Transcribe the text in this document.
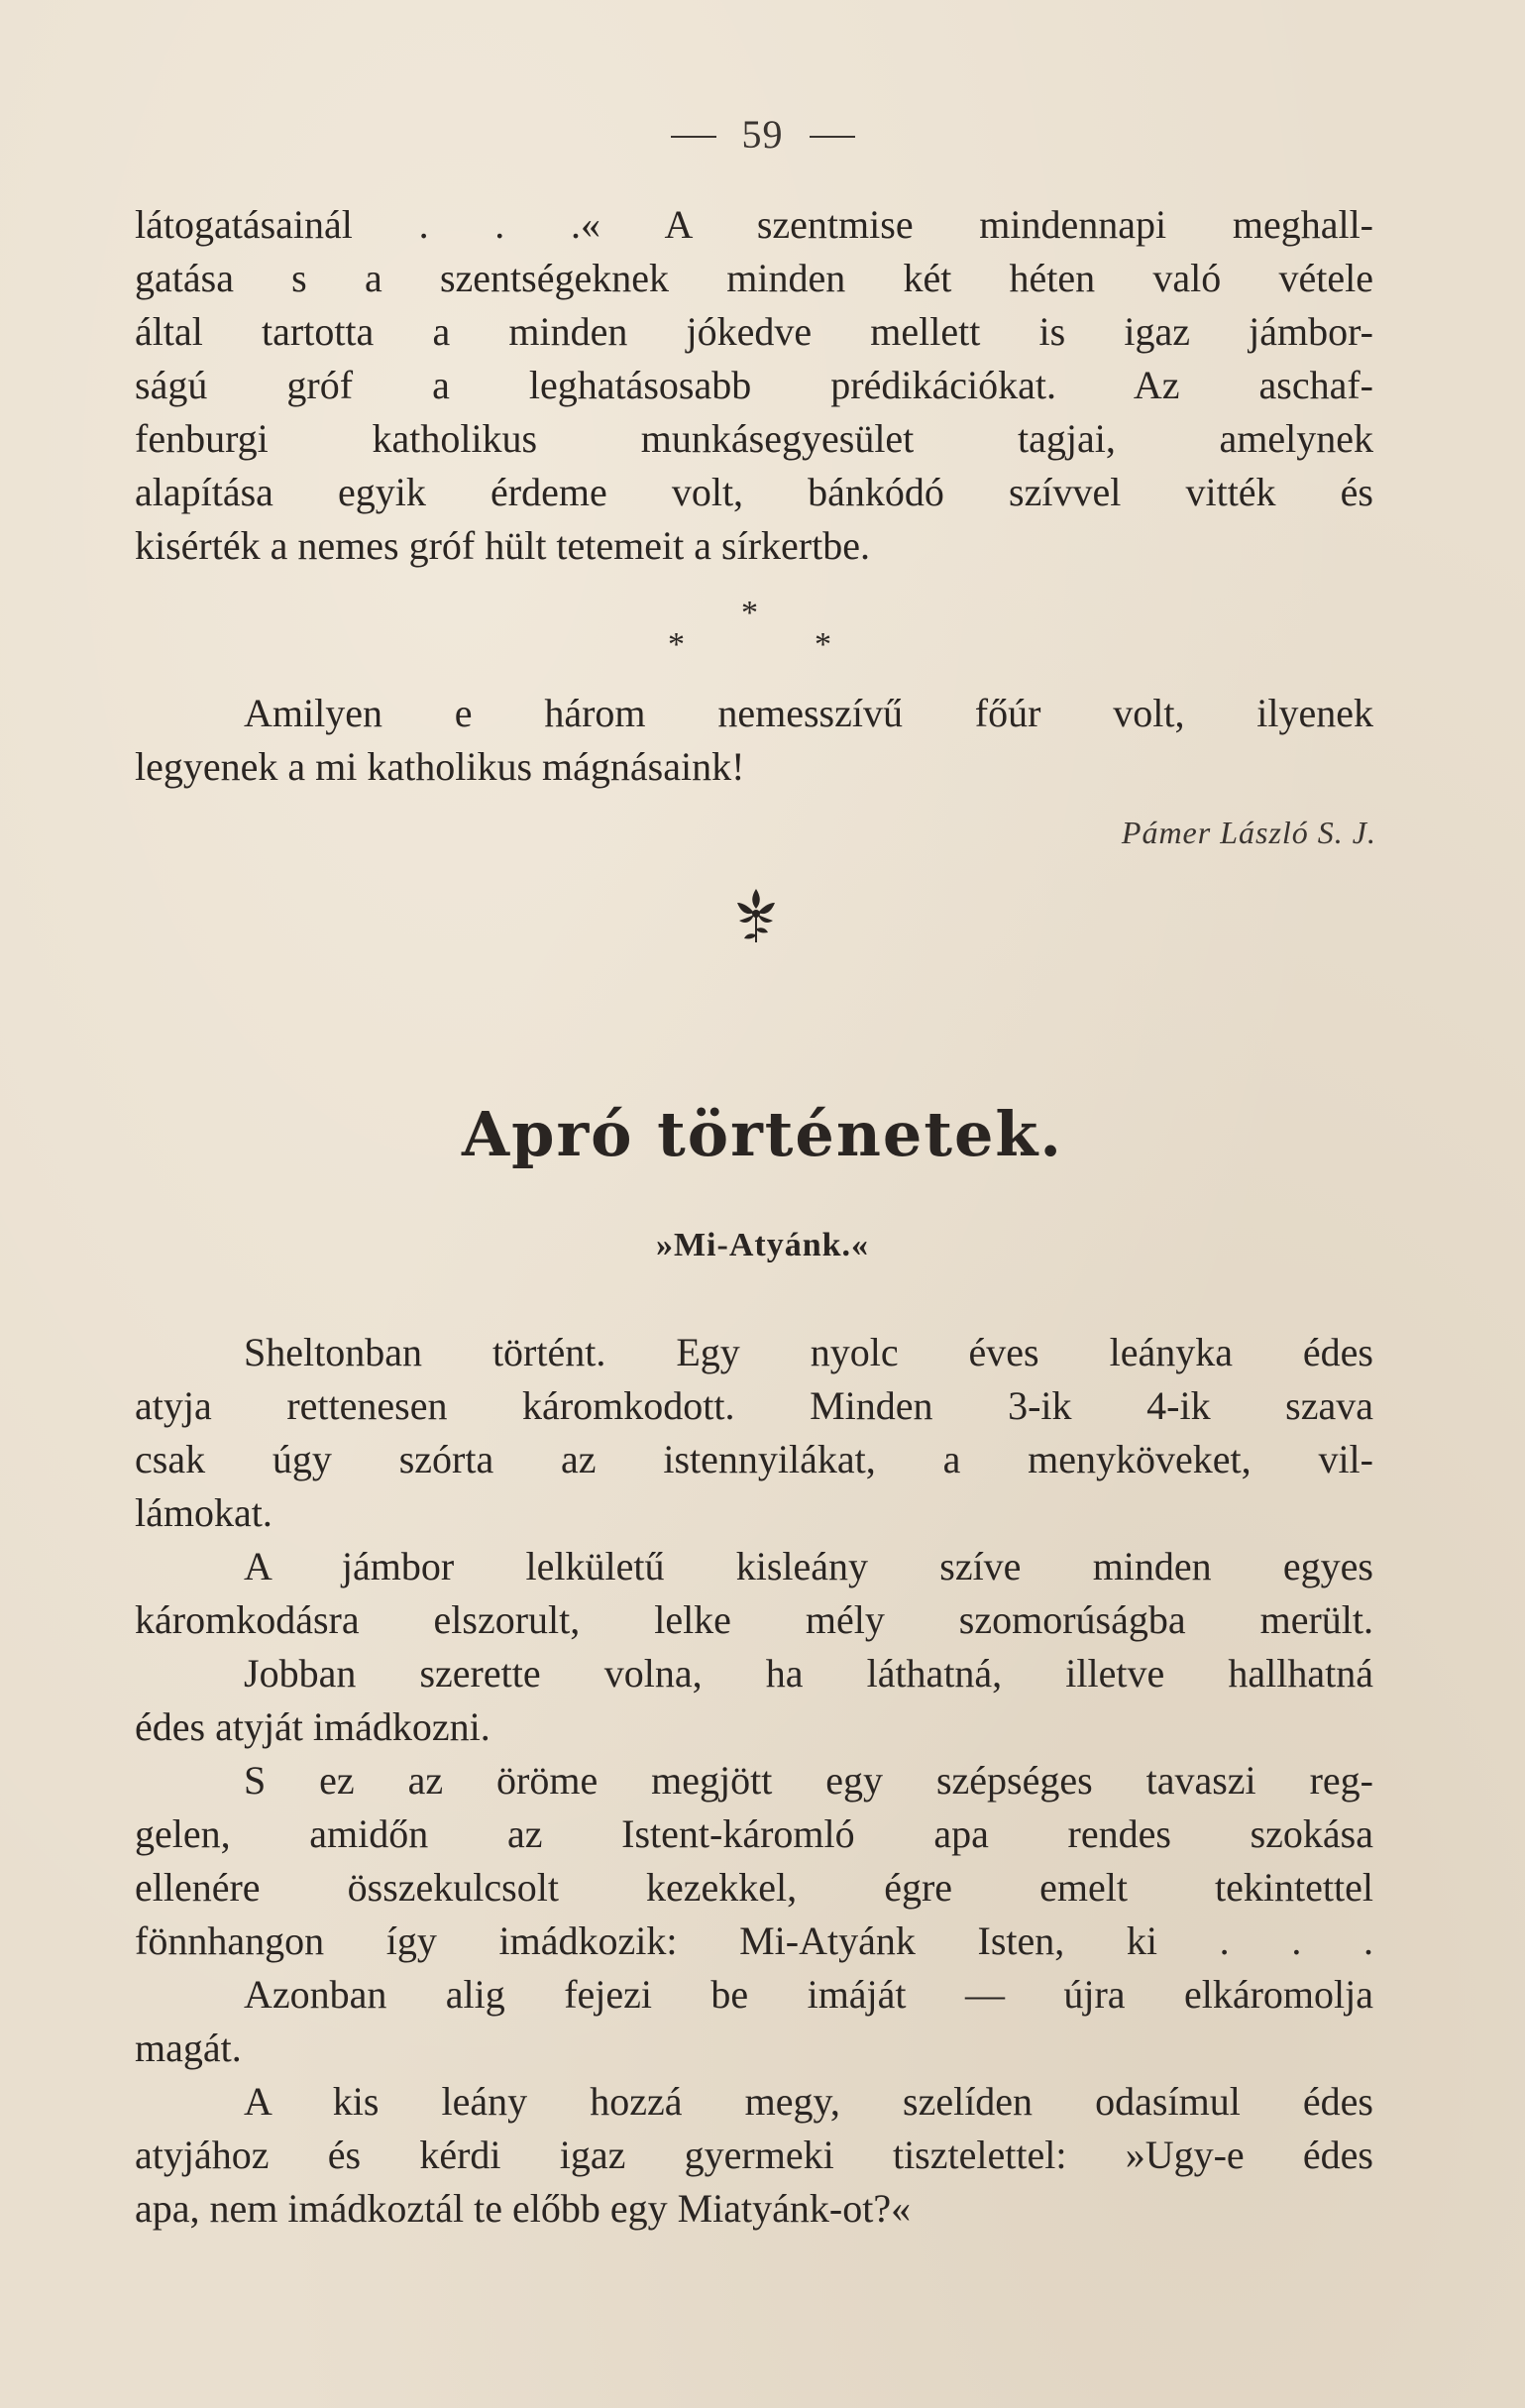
59
látogatásainál . . .« A szentmise mindennapi meghall-
gatása s a szentségeknek minden két héten való vétele
által tartotta a minden jókedve mellett is igaz jámbor-
ságú gróf a leghatásosabb prédikációkat. Az aschaf-
fenburgi katholikus munkásegyesület tagjai, amelynek
alapítása egyik érdeme volt, bánkódó szívvel vitték és
kisérték a nemes gróf hült tetemeit a sírkertbe.
*
*	*
Amilyen e három nemesszívű főúr volt, ilyenek
legyenek a mi katholikus mágnásaink!
Pámer László S. J.
Apró történetek.
»Mi-Atyánk.«
Sheltonban történt. Egy nyolc éves leányka édes
atyja rettenesen káromkodott. Minden 3-ik 4-ik szava
csak úgy szórta az istennyilákat, a menyköveket, vil-
lámokat.
A jámbor lelkületű kisleány szíve minden egyes
káromkodásra elszorult, lelke mély szomorúságba merült.
Jobban szerette volna, ha láthatná, illetve hallhatná
édes atyját imádkozni.
S ez az öröme megjött egy szépséges tavaszi reg-
gelen, amidőn az Istent-káromló apa rendes szokása
ellenére összekulcsolt kezekkel, égre emelt tekintettel
fönnhangon így imádkozik: Mi-Atyánk Isten, ki . . .
Azonban alig fejezi be imáját — újra elkáromolja
magát.
A kis leány hozzá megy, szelíden odasímul édes
atyjához és kérdi igaz gyermeki tisztelettel: »Ugy-e édes
apa, nem imádkoztál te előbb egy Miatyánk-ot?«
